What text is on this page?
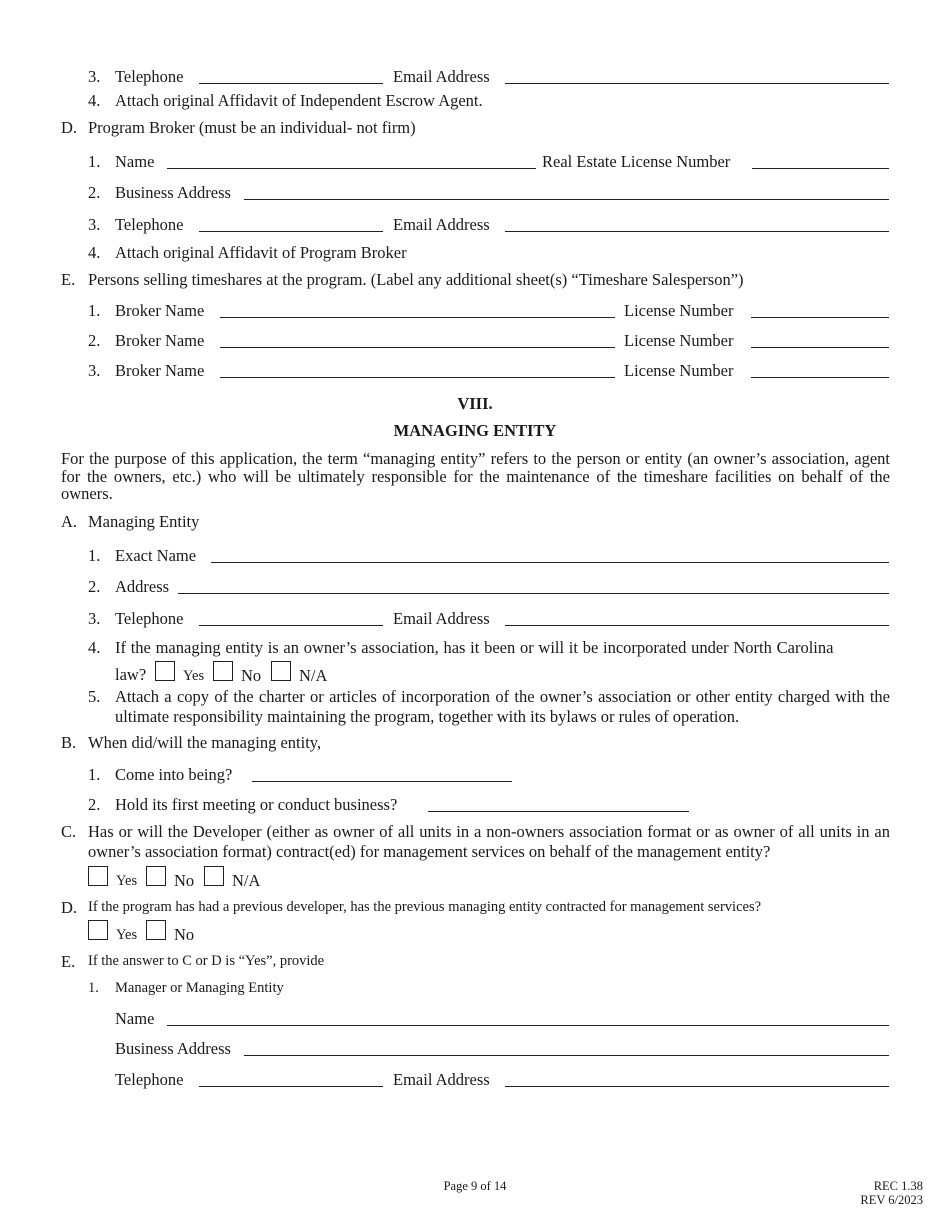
3. Telephone	Email Address
4. Attach original Affidavit of Independent Escrow Agent.
D. Program Broker (must be an individual- not firm)
1. Name	Real Estate License Number
2. Business Address
3. Telephone	Email Address
4. Attach original Affidavit of Program Broker
E. Persons selling timeshares at the program. (Label any additional sheet(s) “Timeshare Salesperson”)
1. Broker Name	License Number
2. Broker Name	License Number
3. Broker Name	License Number
VIII.
MANAGING ENTITY
For the purpose of this application, the term “managing entity” refers to the person or entity (an owner’s association, agent for the owners, etc.) who will be ultimately responsible for the maintenance of the timeshare facilities on behalf of the owners.
A. Managing Entity
1. Exact Name
2. Address
3. Telephone	Email Address
4. If the managing entity is an owner’s association, has it been or will it be incorporated under North Carolina
law?	Yes No N/A
5. Attach a copy of the charter or articles of incorporation of the owner’s association or other entity charged with the ultimate responsibility maintaining the program, together with its bylaws or rules of operation.
B. When did/will the managing entity,
1. Come into being?
2. Hold its first meeting or conduct business?
C. Has or will the Developer (either as owner of all units in a non-owners association format or as owner of all units in an owner’s association format) contract(ed) for management services on behalf of the management entity?
Yes No N/A
D. If the program has had a previous developer, has the previous managing entity contracted for management services?
Yes No
E. If the answer to C or D is “Yes”, provide
1. Manager or Managing Entity
Name
Business Address
Telephone	Email Address
Page 9 of 14	REC 1.38
REV 6/2023
